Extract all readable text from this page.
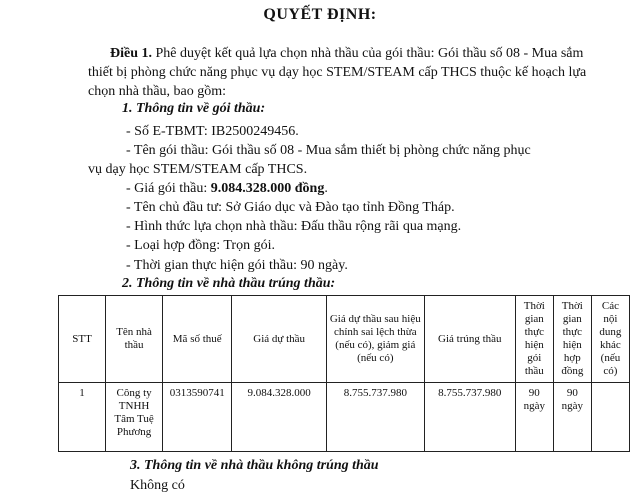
QUYẾT ĐỊNH:
Điều 1. Phê duyệt kết quả lựa chọn nhà thầu của gói thầu: Gói thầu số 08 - Mua sắm thiết bị phòng chức năng phục vụ dạy học STEM/STEAM cấp THCS thuộc kế hoạch lựa chọn nhà thầu, bao gồm:
1. Thông tin về gói thầu:
- Số E-TBMT: IB2500249456.
- Tên gói thầu: Gói thầu số 08 - Mua sắm thiết bị phòng chức năng phục vụ dạy học STEM/STEAM cấp THCS.
- Giá gói thầu: 9.084.328.000 đồng.
- Tên chủ đầu tư: Sở Giáo dục và Đào tạo tỉnh Đồng Tháp.
- Hình thức lựa chọn nhà thầu: Đấu thầu rộng rãi qua mạng.
- Loại hợp đồng: Trọn gói.
- Thời gian thực hiện gói thầu: 90 ngày.
2. Thông tin về nhà thầu trúng thầu:
STT	Tên nhà thầu	Mã số thuế	Giá dự thầu	Giá dự thầu sau hiệu chỉnh sai lệch thừa (nếu có), giảm giá (nếu có)	Giá trúng thầu	Thời gian thực hiện gói thầu	Thời gian thực hiện hợp đồng	Các nội dung khác (nếu có)
1	Công ty TNHH Tâm Tuệ Phương	0313590741	9.084.328.000	8.755.737.980	8.755.737.980	90 ngày	90 ngày	
3. Thông tin về nhà thầu không trúng thầu
Không có
